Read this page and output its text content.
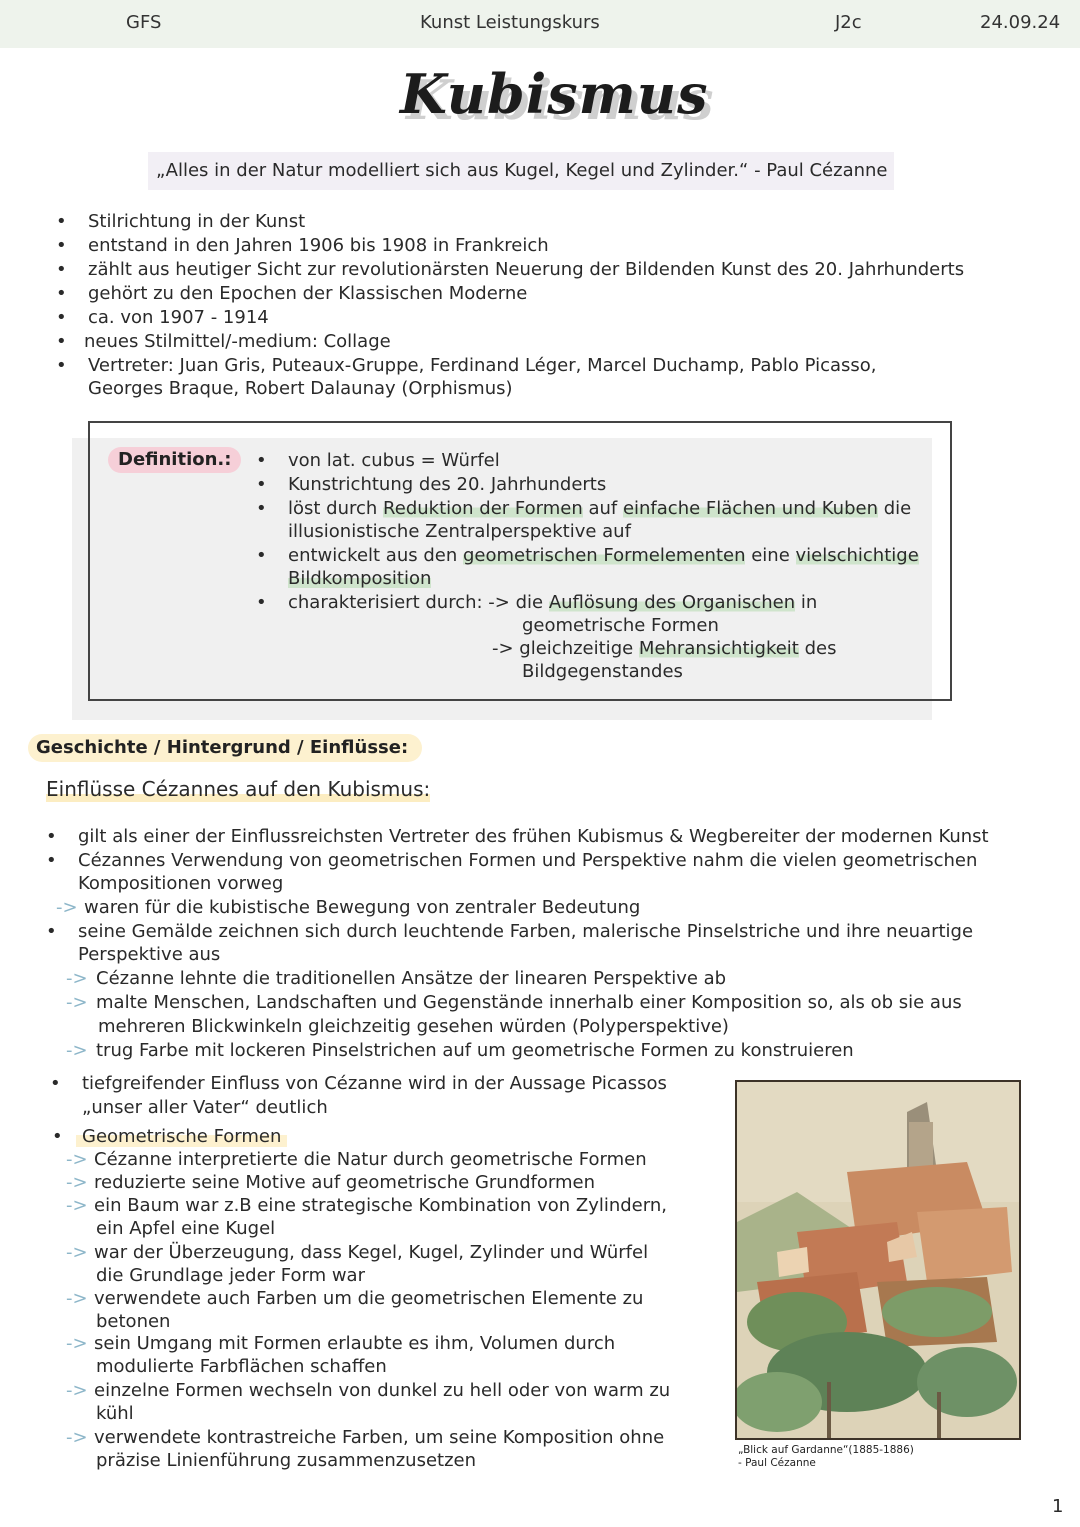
GFS	Kunst Leistungskurs	J2c	24.09.24
Kubismus
„Alles in der Natur modelliert sich aus Kugel, Kegel und Zylinder.“ - Paul Cézanne
• Stilrichtung in der Kunst
• entstand in den Jahren 1906 bis 1908 in Frankreich
• zählt aus heutiger Sicht zur revolutionärsten Neuerung der Bildenden Kunst des 20. Jahrhunderts
• gehört zu den Epochen der Klassischen Moderne
• ca. von 1907 - 1914
• neues Stilmittel/-medium: Collage
• Vertreter: Juan Gris, Puteaux-Gruppe, Ferdinand Léger, Marcel Duchamp, Pablo Picasso,
Georges Braque, Robert Dalaunay (Orphismus)
Definition.:	• von lat. cubus = Würfel
• Kunstrichtung des 20. Jahrhunderts
• löst durch Reduktion der Formen auf einfache Flächen und Kuben die
illusionistische Zentralperspektive auf
• entwickelt aus den geometrischen Formelementen eine vielschichtige
Bildkomposition
• charakterisiert durch: -> die Auflösung des Organischen in
geometrische Formen
-> gleichzeitige Mehransichtigkeit des
Bildgegenstandes
Geschichte / Hintergrund / Einflüsse:
Einflüsse Cézannes auf den Kubismus:
• gilt als einer der Einflussreichsten Vertreter des frühen Kubismus & Wegbereiter der modernen Kunst
• Cézannes Verwendung von geometrischen Formen und Perspektive nahm die vielen geometrischen
Kompositionen vorweg
-> waren für die kubistische Bewegung von zentraler Bedeutung
• seine Gemälde zeichnen sich durch leuchtende Farben, malerische Pinselstriche und ihre neuartige
Perspektive aus
-> Cézanne lehnte die traditionellen Ansätze der linearen Perspektive ab
-> malte Menschen, Landschaften und Gegenstände innerhalb einer Komposition so, als ob sie aus
mehreren Blickwinkeln gleichzeitig gesehen würden (Polyperspektive)
-> trug Farbe mit lockeren Pinselstrichen auf um geometrische Formen zu konstruieren
• tiefgreifender Einfluss von Cézanne wird in der Aussage Picassos
„unser aller Vater“ deutlich
•	Geometrische Formen
-> Cézanne interpretierte die Natur durch geometrische Formen
-> reduzierte seine Motive auf geometrische Grundformen
-> ein Baum war z.B eine strategische Kombination von Zylindern,
ein Apfel eine Kugel
-> war der Überzeugung, dass Kegel, Kugel, Zylinder und Würfel
die Grundlage jeder Form war
-> verwendete auch Farben um die geometrischen Elemente zu
betonen
-> sein Umgang mit Formen erlaubte es ihm, Volumen durch
modulierte Farbflächen schaffen
-> einzelne Formen wechseln von dunkel zu hell oder von warm zu
kühl
-> verwendete kontrastreiche Farben, um seine Komposition ohne
präzise Linienführung zusammenzusetzen	„Blick auf Gardanne“(1885-1886)
- Paul Cézanne
1
